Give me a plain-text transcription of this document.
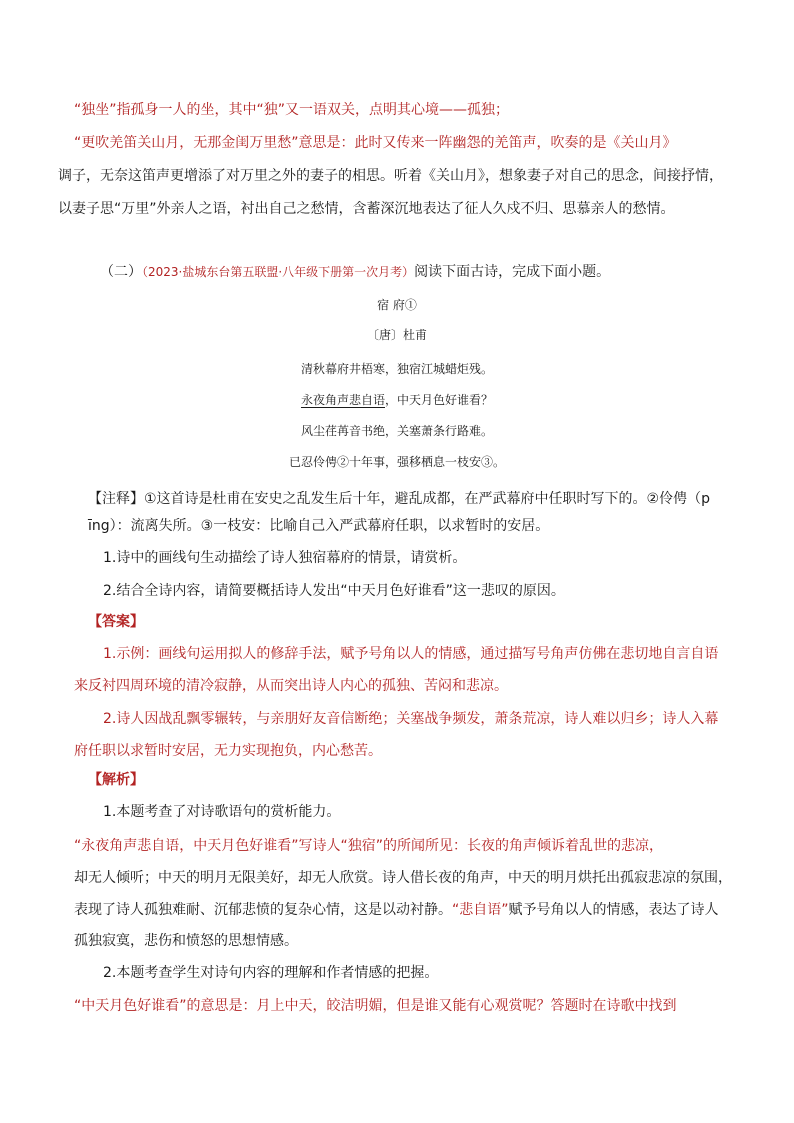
“独坐”指孤身一人的坐，其中“独”又一语双关，点明其心境——孤独；
“更吹羌笛关山月，无那金闺万里愁”意思是：此时又传来一阵幽怨的羌笛声，吹奏的是《关山月》
调子，无奈这笛声更增添了对万里之外的妻子的相思。听着《关山月》，想象妻子对自己的思念，间接抒情，
以妻子思“万里”外亲人之语，衬出自己之愁情，含蓄深沉地表达了征人久戍不归、思慕亲人的愁情。
（二）（2023·盐城东台第五联盟·八年级下册第一次月考）阅读下面古诗，完成下面小题。
宿 府①
〔唐〕杜甫
清秋幕府井梧寒，独宿江城蜡炬残。
永夜角声悲自语，中天月色好谁看？
风尘荏苒音书绝，关塞萧条行路难。
已忍伶俜②十年事，强移栖息一枝安③。
【注释】①这首诗是杜甫在安史之乱发生后十年，避乱成都，在严武幕府中任职时写下的。②伶俜（p
īng）：流离失所。③一枝安：比喻自己入严武幕府任职，以求暂时的安居。
1.诗中的画线句生动描绘了诗人独宿幕府的情景，请赏析。
2.结合全诗内容，请简要概括诗人发出“中天月色好谁看”这一悲叹的原因。
【答案】
1.示例：画线句运用拟人的修辞手法，赋予号角以人的情感，通过描写号角声仿佛在悲切地自言自语
来反衬四周环境的清冷寂静，从而突出诗人内心的孤独、苦闷和悲凉。
2.诗人因战乱飘零辗转，与亲朋好友音信断绝；关塞战争频发，萧条荒凉，诗人难以归乡；诗人入幕
府任职以求暂时安居，无力实现抱负，内心愁苦。
【解析】
1.本题考查了对诗歌语句的赏析能力。
“永夜角声悲自语，中天月色好谁看”写诗人“独宿”的所闻所见：长夜的角声倾诉着乱世的悲凉，
却无人倾听；中天的明月无限美好，却无人欣赏。诗人借长夜的角声，中天的明月烘托出孤寂悲凉的氛围，
表现了诗人孤独难耐、沉郁悲愤的复杂心情，这是以动衬静。“悲自语”赋予号角以人的情感，表达了诗人
孤独寂寞，悲伤和愤怒的思想情感。
2.本题考查学生对诗句内容的理解和作者情感的把握。
“中天月色好谁看”的意思是：月上中天，皎洁明媚，但是谁又能有心观赏呢？答题时在诗歌中找到
